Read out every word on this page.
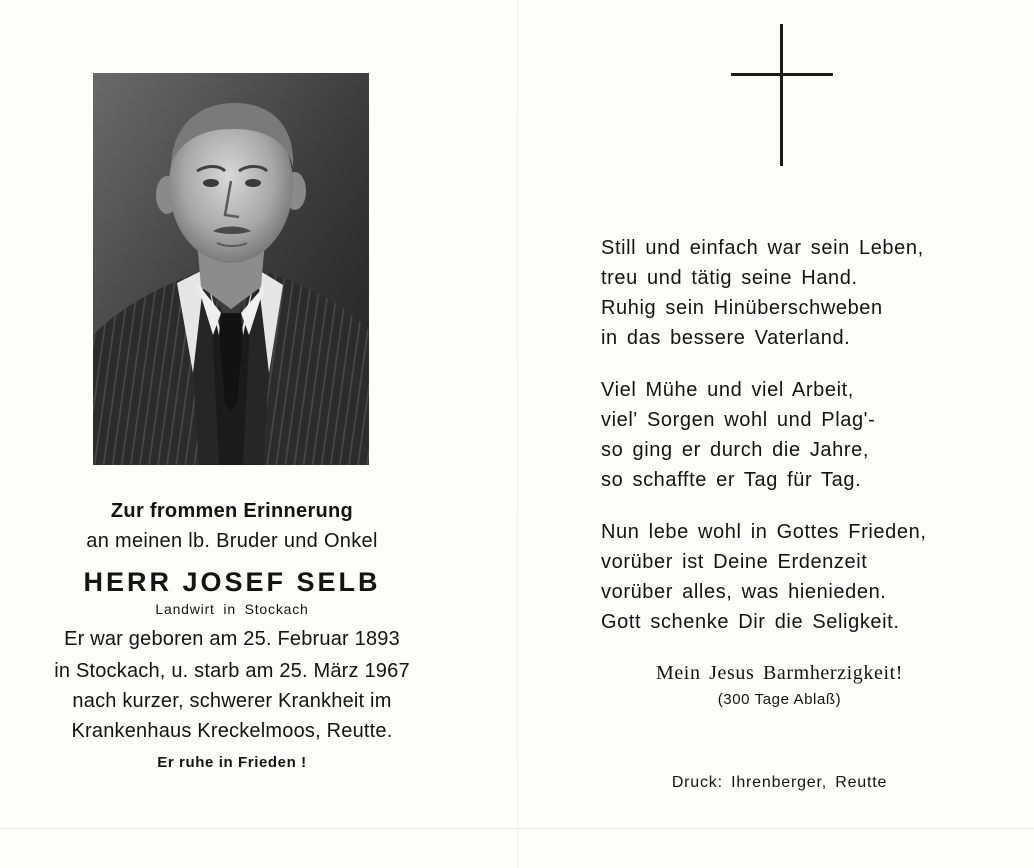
Zur frommen Erinnerung
an meinen lb. Bruder und Onkel
HERR JOSEF SELB
Landwirt in Stockach
Er war geboren am 25. Februar 1893
in Stockach, u. starb am 25. März 1967
nach kurzer, schwerer Krankheit im
Krankenhaus Kreckelmoos, Reutte.
Er ruhe in Frieden !
Still und einfach war sein Leben,
treu und tätig seine Hand.
Ruhig sein Hinüberschweben
in das bessere Vaterland.
Viel Mühe und viel Arbeit,
viel' Sorgen wohl und Plag'-
so ging er durch die Jahre,
so schaffte er Tag für Tag.
Nun lebe wohl in Gottes Frieden,
vorüber ist Deine Erdenzeit
vorüber alles, was hienieden.
Gott schenke Dir die Seligkeit.
Mein Jesus Barmherzigkeit!
(300 Tage Ablaß)
Druck: Ihrenberger, Reutte
